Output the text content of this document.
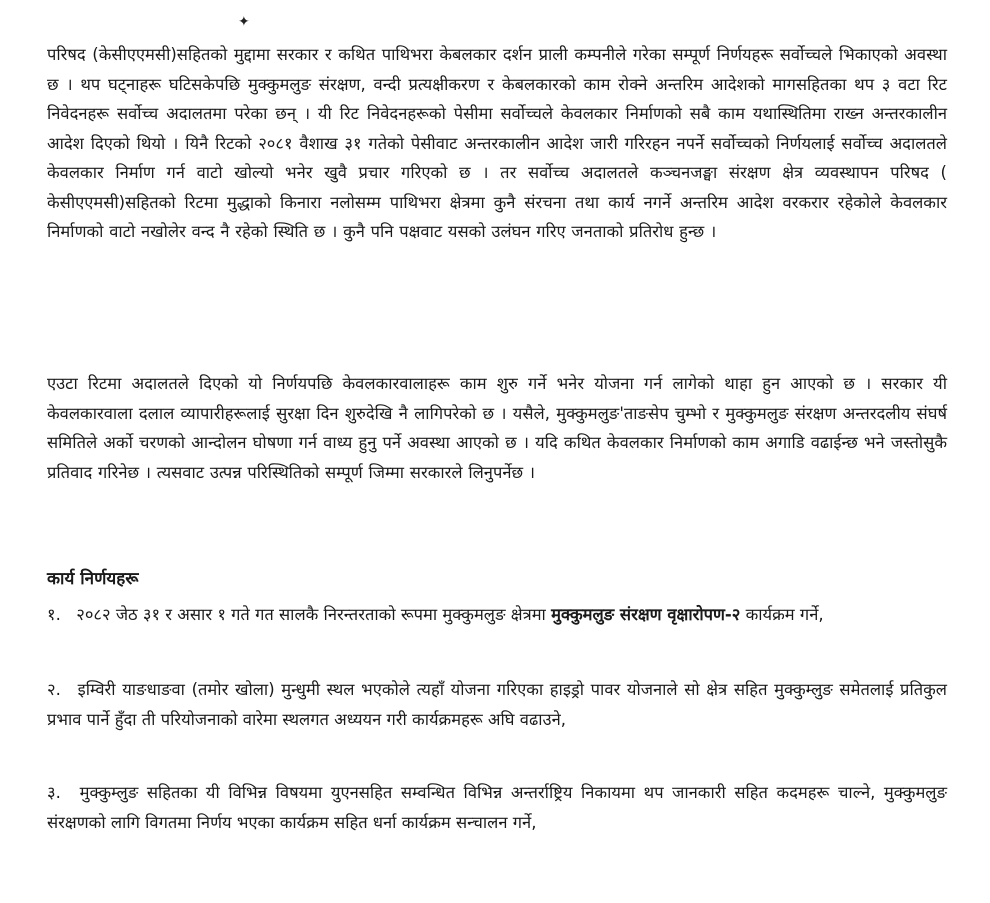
✦

परिषद (केसीएएमसी)सहितको मुद्दामा सरकार र कथित पाथिभरा केबलकार दर्शन प्राली कम्पनीले गरेका सम्पूर्ण निर्णयहरू सर्वोच्चले भिकाएको अवस्था छ । थप घट्नाहरू घटिसकेपछि मुक्कुमलुङ संरक्षण, वन्दी प्रत्यक्षीकरण र केबलकारको काम रोक्ने अन्तरिम आदेशको मागसहितका थप ३ वटा रिट निवेदनहरू सर्वोच्च अदालतमा परेका छन् । यी रिट निवेदनहरूको पेसीमा सर्वोच्चले केवलकार निर्माणको सबै काम यथास्थितिमा राख्न अन्तरकालीन आदेश दिएको थियो । यिनै रिटको २०८१ वैशाख ३१ गतेको पेसीवाट अन्तरकालीन आदेश जारी गरिरहन नपर्ने सर्वोच्चको निर्णयलाई सर्वोच्च अदालतले केवलकार निर्माण गर्न वाटो खोल्यो भनेर खुवै प्रचार गरिएको छ । तर सर्वोच्च अदालतले कञ्चनजङ्घा संरक्षण क्षेत्र व्यवस्थापन परिषद ( केसीएएमसी)सहितको रिटमा मुद्धाको किनारा नलोसम्म पाथिभरा क्षेत्रमा कुनै संरचना तथा कार्य नगर्ने अन्तरिम आदेश वरकरार रहेकोले केवलकार निर्माणको वाटो नखोलेर वन्द नै रहेको स्थिति छ । कुनै पनि पक्षवाट यसको उलंघन गरिए जनताको प्रतिरोध हुन्छ ।

एउटा रिटमा अदालतले दिएको यो निर्णयपछि केवलकारवालाहरू काम शुरु गर्ने भनेर योजना गर्न लागेको थाहा हुन आएको छ । सरकार यी केवलकारवाला दलाल व्यापारीहरूलाई सुरक्षा दिन शुरुदेखि नै लागिपरेको छ । यसैले, मुक्कुमलुङ'ताङसेप चुम्भो र मुक्कुमलुङ संरक्षण अन्तरदलीय संघर्ष समितिले अर्को चरणको आन्दोलन घोषणा गर्न वाध्य हुनु पर्ने अवस्था आएको छ । यदि कथित केवलकार निर्माणको काम अगाडि वढाईन्छ भने जस्तोसुकै प्रतिवाद गरिनेछ । त्यसवाट उत्पन्न परिस्थितिको सम्पूर्ण जिम्मा सरकारले लिनुपर्नेछ ।

कार्य निर्णयहरू
१. २०८२ जेठ ३१ र असार १ गते गत सालकै निरन्तरताको रूपमा मुक्कुमलुङ क्षेत्रमा मुक्कुमलुङ संरक्षण वृक्षारोपण-२ कार्यक्रम गर्ने,
२. इम्विरी याङधाङवा (तमोर खोला) मुन्धुमी स्थल भएकोले त्यहाँ योजना गरिएका हाइड्रो पावर योजनाले सो क्षेत्र सहित मुक्कुम्लुङ समेतलाई प्रतिकुल प्रभाव पार्ने हुँदा ती परियोजनाको वारेमा स्थलगत अध्ययन गरी कार्यक्रमहरू अघि वढाउने,
३. मुक्कुम्लुङ सहितका यी विभिन्न विषयमा युएनसहित सम्वन्धित विभिन्न अन्तर्राष्ट्रिय निकायमा थप जानकारी सहित कदमहरू चाल्ने, मुक्कुमलुङ संरक्षणको लागि विगतमा निर्णय भएका कार्यक्रम सहित धर्ना कार्यक्रम सन्चालन गर्ने,
